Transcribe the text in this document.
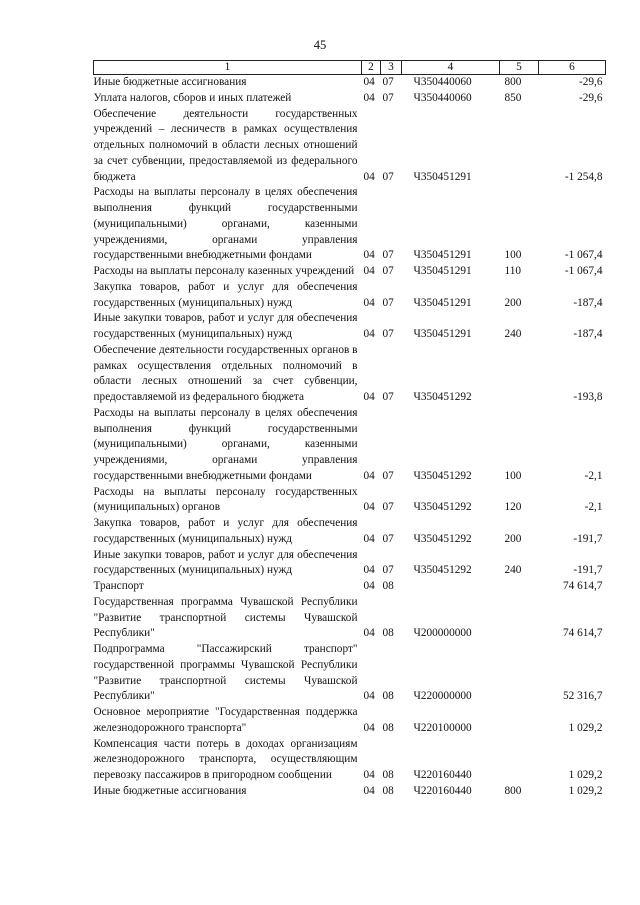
45
1	2	3	4	5	6
Иные бюджетные ассигнования	04	07	Ч350440060	800	-29,6
Уплата налогов, сборов и иных платежей	04	07	Ч350440060	850	-29,6
Обеспечение деятельности государственных учреждений – лесничеств в рамках осуществления отдельных полномочий в области лесных отношений за счет субвенции, предоставляемой из федерального бюджета	04	07	Ч350451291		-1 254,8
Расходы на выплаты персоналу в целях обеспечения выполнения функций государственными (муниципальными) органами, казенными учреждениями, органами управления государственными внебюджетными фондами	04	07	Ч350451291	100	-1 067,4
Расходы на выплаты персоналу казенных учреждений	04	07	Ч350451291	110	-1 067,4
Закупка товаров, работ и услуг для обеспечения государственных (муниципальных) нужд	04	07	Ч350451291	200	-187,4
Иные закупки товаров, работ и услуг для обеспечения государственных (муниципальных) нужд	04	07	Ч350451291	240	-187,4
Обеспечение деятельности государственных органов в рамках осуществления отдельных полномочий в области лесных отношений за счет субвенции, предоставляемой из федерального бюджета	04	07	Ч350451292		-193,8
Расходы на выплаты персоналу в целях обеспечения выполнения функций государственными (муниципальными) органами, казенными учреждениями, органами управления государственными внебюджетными фондами	04	07	Ч350451292	100	-2,1
Расходы на выплаты персоналу государственных (муниципальных) органов	04	07	Ч350451292	120	-2,1
Закупка товаров, работ и услуг для обеспечения государственных (муниципальных) нужд	04	07	Ч350451292	200	-191,7
Иные закупки товаров, работ и услуг для обеспечения государственных (муниципальных) нужд	04	07	Ч350451292	240	-191,7
Транспорт	04	08			74 614,7
Государственная программа Чувашской Республики "Развитие транспортной системы Чувашской Республики"	04	08	Ч200000000		74 614,7
Подпрограмма "Пассажирский транспорт" государственной программы Чувашской Республики "Развитие транспортной системы Чувашской Республики"	04	08	Ч220000000		52 316,7
Основное мероприятие "Государственная поддержка железнодорожного транспорта"	04	08	Ч220100000		1 029,2
Компенсация части потерь в доходах организациям железнодорожного транспорта, осуществляющим перевозку пассажиров в пригородном сообщении	04	08	Ч220160440		1 029,2
Иные бюджетные ассигнования	04	08	Ч220160440	800	1 029,2
